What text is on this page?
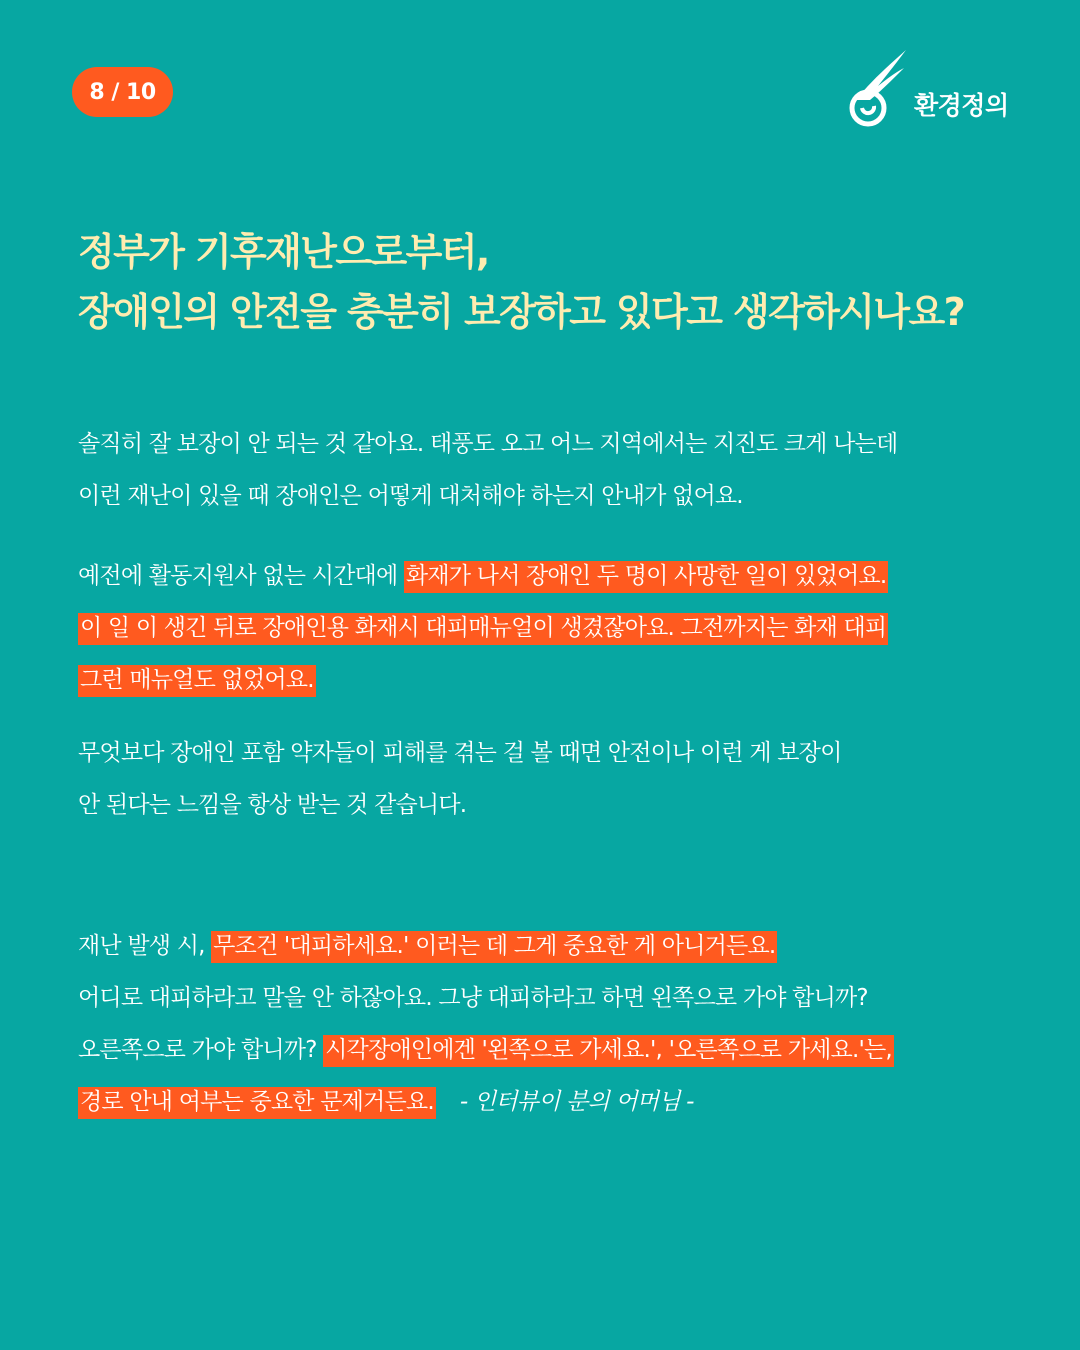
8 / 10	환경정의
정부가 기후재난으로부터,
장애인의 안전을 충분히 보장하고 있다고 생각하시나요?

솔직히 잘 보장이 안 되는 것 같아요. 태풍도 오고 어느 지역에서는 지진도 크게 나는데
이런 재난이 있을 때 장애인은 어떻게 대처해야 하는지 안내가 없어요.

예전에 활동지원사 없는 시간대에 화재가 나서 장애인 두 명이 사망한 일이 있었어요.
이 일 이 생긴 뒤로 장애인용 화재시 대피매뉴얼이 생겼잖아요. 그전까지는 화재 대피
그런 매뉴얼도 없었어요.

무엇보다 장애인 포함 약자들이 피해를 겪는 걸 볼 때면 안전이나 이런 게 보장이
안 된다는 느낌을 항상 받는 것 같습니다.

재난 발생 시, 무조건 '대피하세요.' 이러는 데 그게 중요한 게 아니거든요.
어디로 대피하라고 말을 안 하잖아요. 그냥 대피하라고 하면 왼쪽으로 가야 합니까?
오른쪽으로 가야 합니까? 시각장애인에겐 '왼쪽으로 가세요.', '오른쪽으로 가세요.'는,
경로 안내 여부는 중요한 문제거든요. - 인터뷰이 분의 어머님 -
